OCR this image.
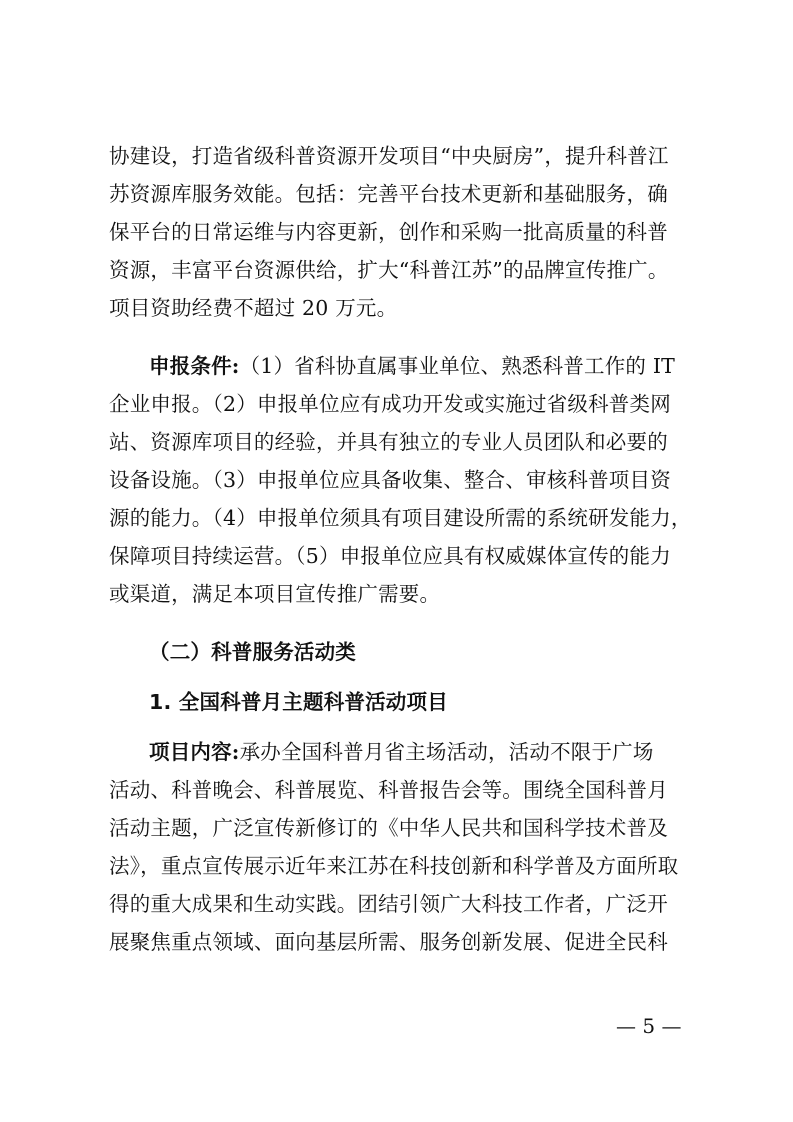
协建设，打造省级科普资源开发项目“中央厨房”，提升科普江
苏资源库服务效能。包括：完善平台技术更新和基础服务，确
保平台的日常运维与内容更新，创作和采购一批高质量的科普
资源，丰富平台资源供给，扩大“科普江苏”的品牌宣传推广。
项目资助经费不超过 20 万元。
申报条件:（1）省科协直属事业单位、熟悉科普工作的 IT
企业申报。（2）申报单位应有成功开发或实施过省级科普类网
站、资源库项目的经验，并具有独立的专业人员团队和必要的
设备设施。（3）申报单位应具备收集、整合、审核科普项目资
源的能力。（4）申报单位须具有项目建设所需的系统研发能力，
保障项目持续运营。（5）申报单位应具有权威媒体宣传的能力
或渠道，满足本项目宣传推广需要。
（二）科普服务活动类
1. 全国科普月主题科普活动项目
项目内容:承办全国科普月省主场活动，活动不限于广场
活动、科普晚会、科普展览、科普报告会等。围绕全国科普月
活动主题，广泛宣传新修订的《中华人民共和国科学技术普及
法》，重点宣传展示近年来江苏在科技创新和科学普及方面所取
得的重大成果和生动实践。团结引领广大科技工作者，广泛开
展聚焦重点领域、面向基层所需、服务创新发展、促进全民科
— 5 —
